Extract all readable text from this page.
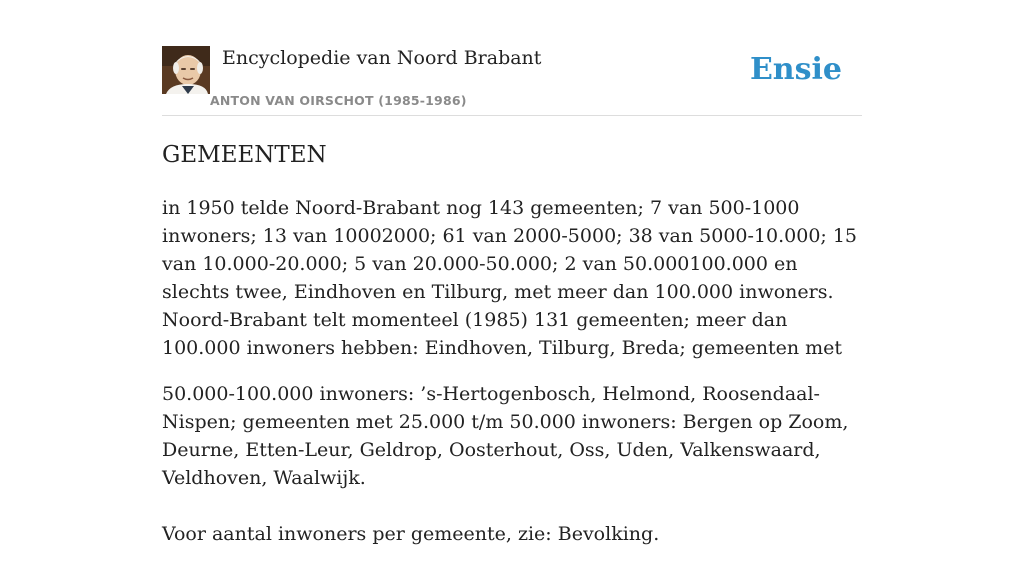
Encyclopedie van Noord Brabant
ANTON VAN OIRSCHOT (1985-1986)
Ensie
GEMEENTEN

in 1950 telde Noord-Brabant nog 143 gemeenten; 7 van 500-1000 inwoners; 13 van 10002000; 61 van 2000-5000; 38 van 5000-10.000; 15 van 10.000-20.000; 5 van 20.000-50.000; 2 van 50.000100.000 en slechts twee, Eindhoven en Tilburg, met meer dan 100.000 inwoners. Noord-Brabant telt momenteel (1985) 131 gemeenten; meer dan 100.000 inwoners hebben: Eindhoven, Tilburg, Breda; gemeenten met

50.000-100.000 inwoners: ’s-Hertogenbosch, Helmond, Roosendaal-Nispen; gemeenten met 25.000 t/m 50.000 inwoners: Bergen op Zoom, Deurne, Etten-Leur, Geldrop, Oosterhout, Oss, Uden, Valkenswaard, Veldhoven, Waalwijk.

Voor aantal inwoners per gemeente, zie: Bevolking.
